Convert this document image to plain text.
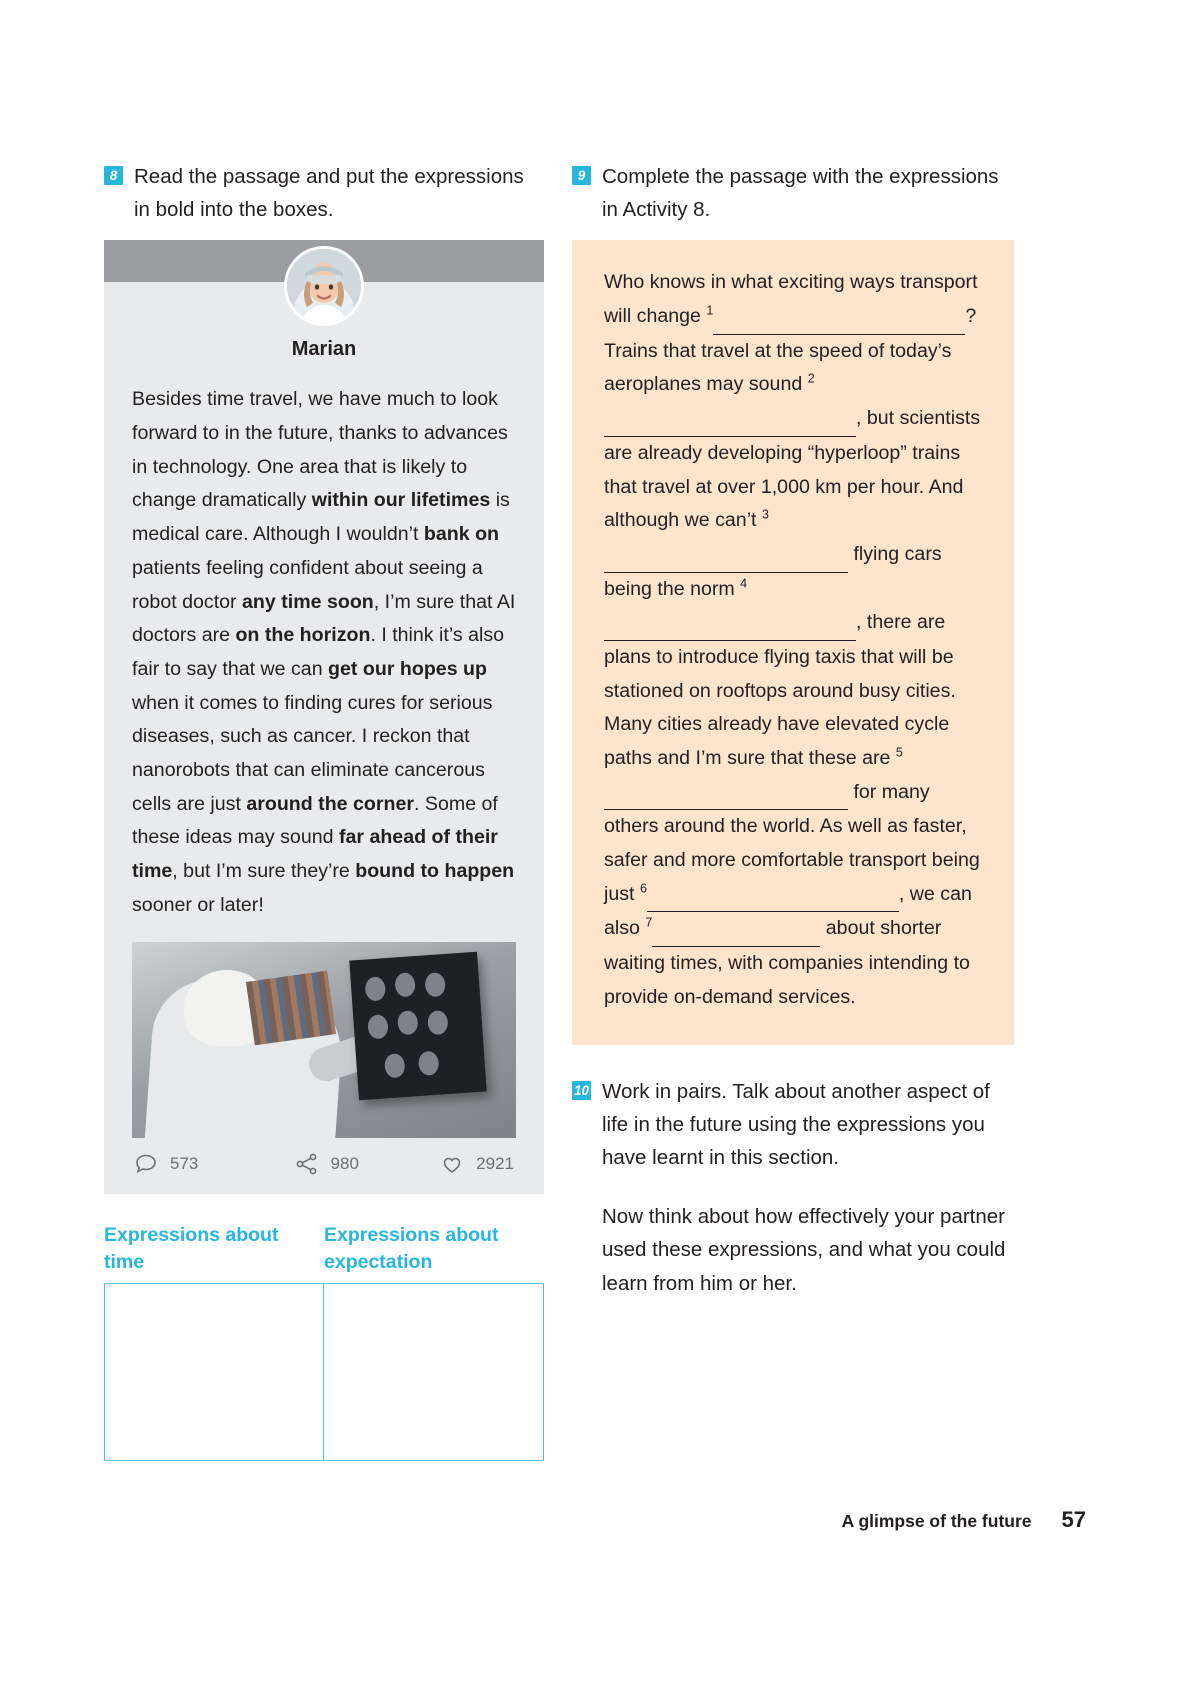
8 Read the passage and put the expressions in bold into the boxes.
Marian
Besides time travel, we have much to look forward to in the future, thanks to advances in technology. One area that is likely to change dramatically within our lifetimes is medical care. Although I wouldn’t bank on patients feeling confident about seeing a robot doctor any time soon, I’m sure that AI doctors are on the horizon. I think it’s also fair to say that we can get our hopes up when it comes to finding cures for serious diseases, such as cancer. I reckon that nanorobots that can eliminate cancerous cells are just around the corner. Some of these ideas may sound far ahead of their time, but I’m sure they’re bound to happen sooner or later!
573	980	2921
Expressions about time
Expressions about expectation
9 Complete the passage with the expressions in Activity 8.
Who knows in what exciting ways transport will change $^1$	? Trains that travel at the speed of today’s aeroplanes may sound $^2$ , but scientists are already developing “hyperloop” trains that travel at over 1,000 km per hour. And although we can’t $^3$  flying cars being the norm $^4$ , there are plans to introduce flying taxis that will be stationed on rooftops around busy cities. Many cities already have elevated cycle paths and I’m sure that these are $^5$  for many others around the world. As well as faster, safer and more comfortable transport being just $^6$	, we can also $^7$	about shorter waiting times, with companies intending to provide on-demand services.
10 Work in pairs. Talk about another aspect of life in the future using the expressions you have learnt in this section.
Now think about how effectively your partner used these expressions, and what you could learn from him or her.
A glimpse of the future 57
